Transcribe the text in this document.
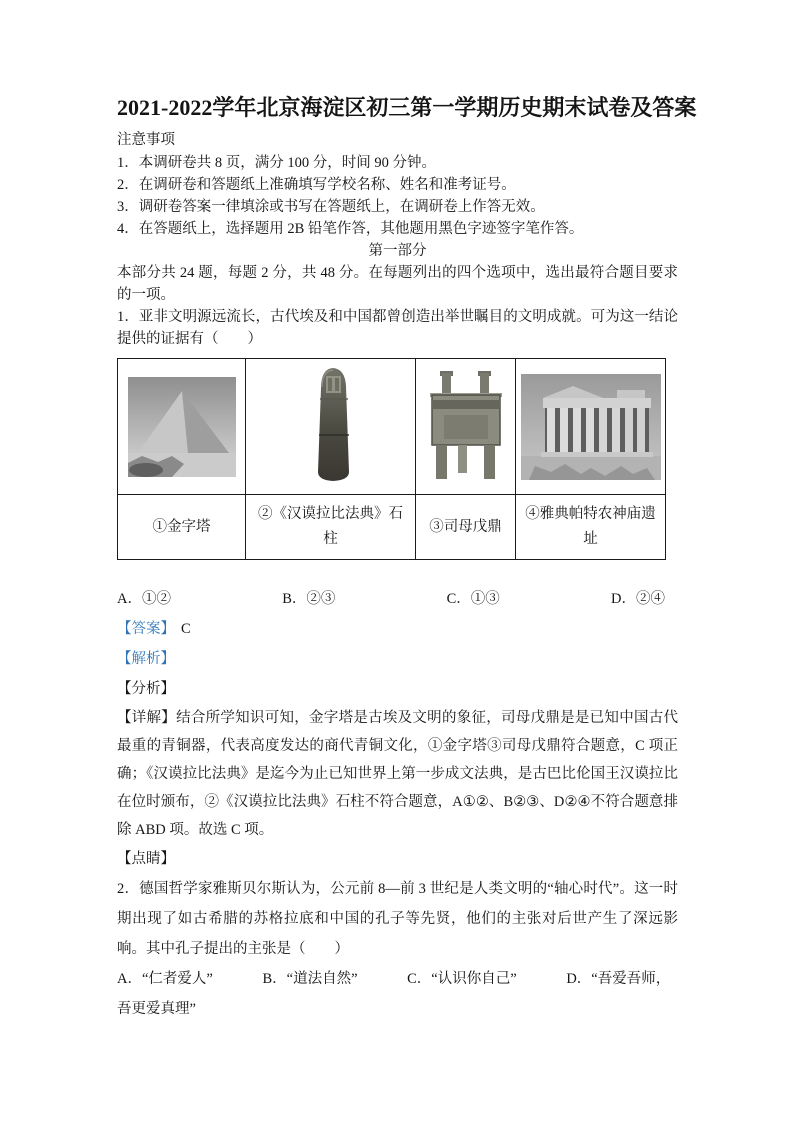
2021-2022学年北京海淀区初三第一学期历史期末试卷及答案

注意事项

1．本调研卷共 8 页，满分 100 分，时间 90 分钟。

2．在调研卷和答题纸上准确填写学校名称、姓名和准考证号。

3．调研卷答案一律填涂或书写在答题纸上，在调研卷上作答无效。

4．在答题纸上，选择题用 2B 铅笔作答，其他题用黑色字迹签字笔作答。

第一部分

本部分共 24 题，每题 2 分，共 48 分。在每题列出的四个选项中，选出最符合题目要求的一项。

1．亚非文明源远流长，古代埃及和中国都曾创造出举世瞩目的文明成就。可为这一结论提供的证据有（　　）

①金字塔	②《汉谟拉比法典》石柱	③司母戊鼎	④雅典帕特农神庙遗址
A．①②	B．②③	C．①③	D．②④

【答案】 C

【解析】

【分析】

【详解】结合所学知识可知，金字塔是古埃及文明的象征，司母戊鼎是是已知中国古代最重的青铜器，代表高度发达的商代青铜文化，①金字塔③司母戊鼎符合题意，C 项正确；《汉谟拉比法典》是迄今为止已知世界上第一步成文法典，是古巴比伦国王汉谟拉比在位时颁布，②《汉谟拉比法典》石柱不符合题意，A①②、B②③、D②④不符合题意排除 ABD 项。故选 C 项。

【点睛】

2．德国哲学家雅斯贝尔斯认为，公元前 8—前 3 世纪是人类文明的“轴心时代”。这一时期出现了如古希腊的苏格拉底和中国的孔子等先贤，他们的主张对后世产生了深远影响。其中孔子提出的主张是（　　）

A．“仁者爱人”	B．“道法自然”	C．“认识你自己”	D．“吾爱吾师，吾更爱真理”
